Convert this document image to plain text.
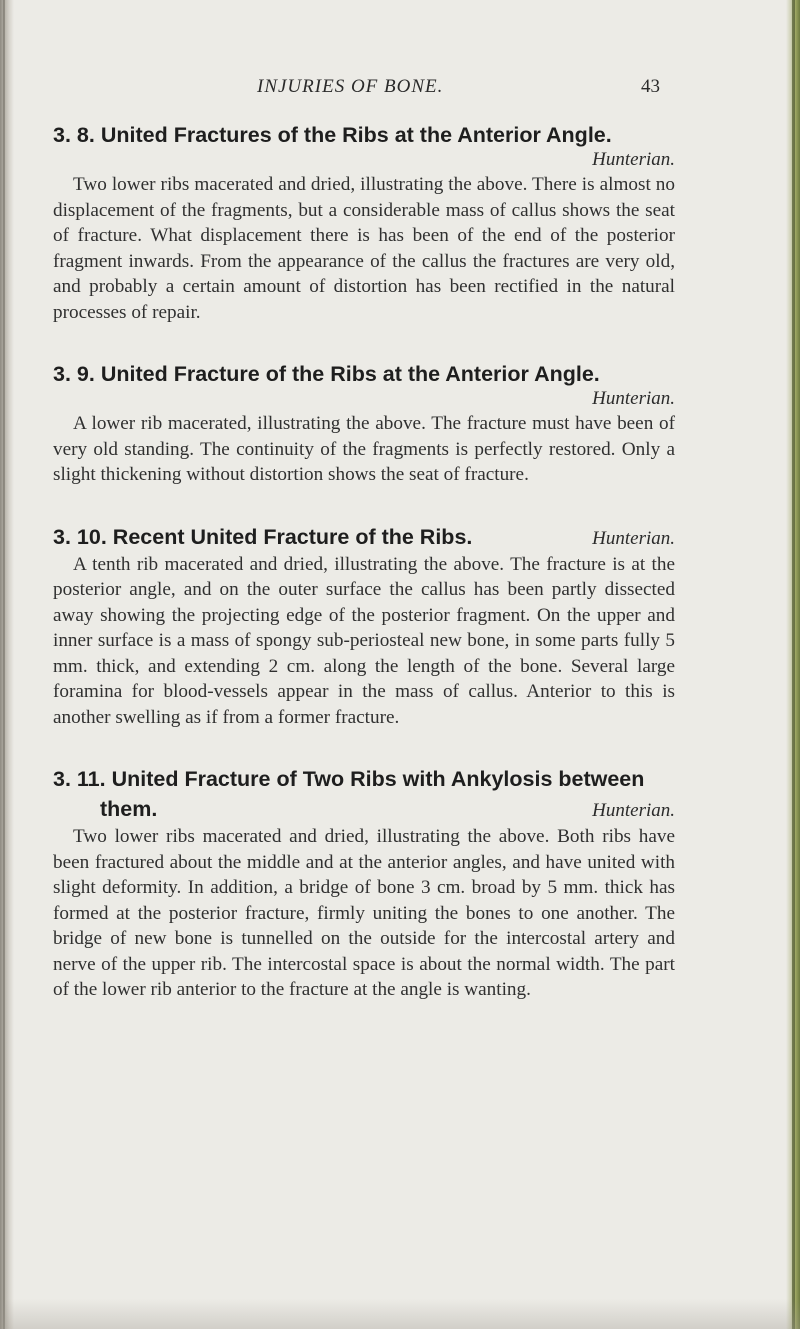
INJURIES OF BONE.	43
3. 8. United Fractures of the Ribs at the Anterior Angle.
Hunterian.

Two lower ribs macerated and dried, illustrating the above. There is almost no displacement of the fragments, but a considerable mass of callus shows the seat of fracture. What displacement there is has been of the end of the posterior fragment inwards. From the appearance of the callus the fractures are very old, and probably a certain amount of distortion has been rectified in the natural processes of repair.

3. 9. United Fracture of the Ribs at the Anterior Angle.
Hunterian.

A lower rib macerated, illustrating the above. The fracture must have been of very old standing. The continuity of the fragments is perfectly restored. Only a slight thickening without distortion shows the seat of fracture.

3. 10. Recent United Fracture of the Ribs.	Hunterian.

A tenth rib macerated and dried, illustrating the above. The fracture is at the posterior angle, and on the outer surface the callus has been partly dissected away showing the projecting edge of the posterior fragment. On the upper and inner surface is a mass of spongy sub-periosteal new bone, in some parts fully 5 mm. thick, and extending 2 cm. along the length of the bone. Several large foramina for blood-vessels appear in the mass of callus. Anterior to this is another swelling as if from a former fracture.

3. 11. United Fracture of Two Ribs with Ankylosis between
them.	Hunterian.

Two lower ribs macerated and dried, illustrating the above. Both ribs have been fractured about the middle and at the anterior angles, and have united with slight deformity. In addition, a bridge of bone 3 cm. broad by 5 mm. thick has formed at the posterior fracture, firmly uniting the bones to one another. The bridge of new bone is tunnelled on the outside for the intercostal artery and nerve of the upper rib. The intercostal space is about the normal width. The part of the lower rib anterior to the fracture at the angle is wanting.
